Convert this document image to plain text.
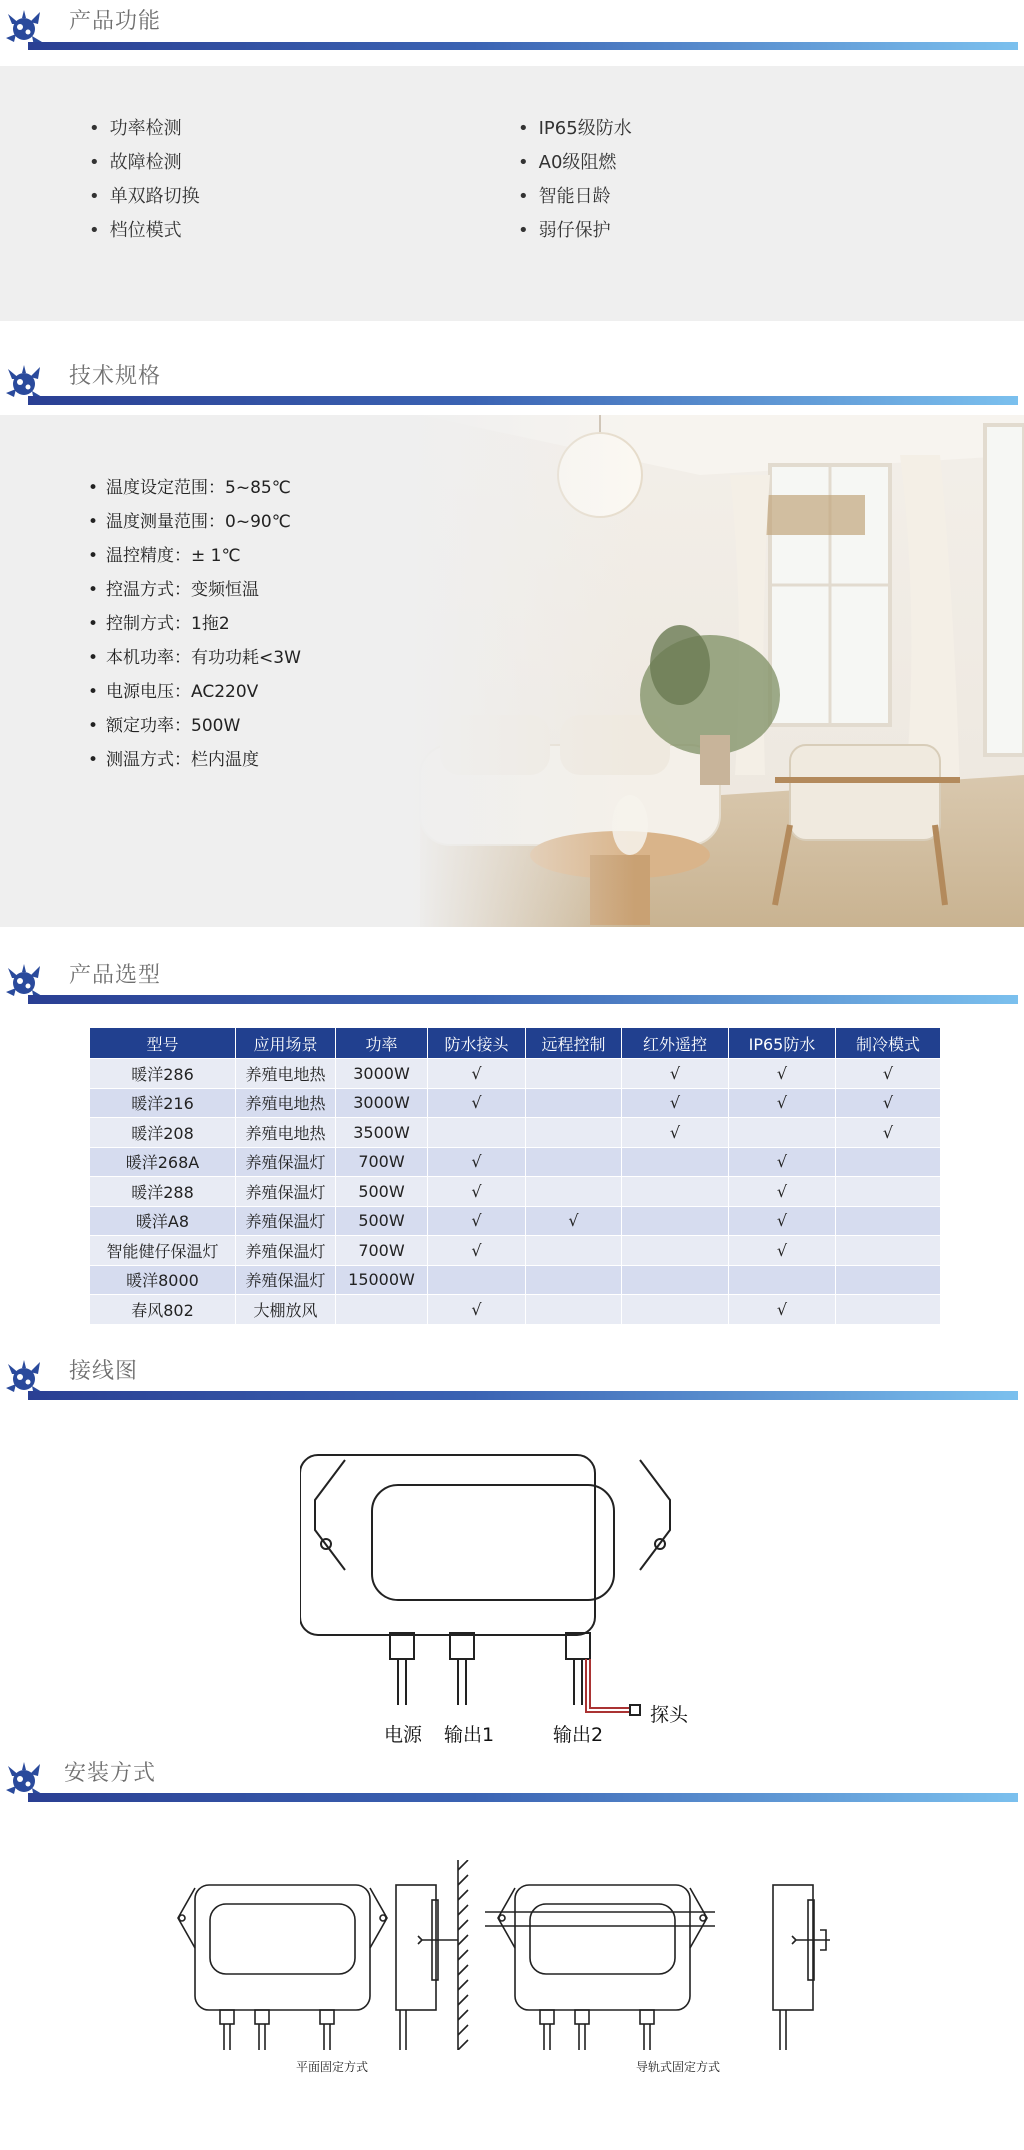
产品功能
• 功率检测
• 故障检测
• 单双路切换
• 档位模式
• IP65级防水
• A0级阻燃
• 智能日龄
• 弱仔保护
技术规格
• 温度设定范围：5~85℃
• 温度测量范围：0~90℃
• 温控精度：± 1℃
• 控温方式：变频恒温
• 控制方式：1拖2
• 本机功率：有功功耗<3W
• 电源电压：AC220V
• 额定功率：500W
• 测温方式：栏内温度
产品选型
型号	应用场景	功率	防水接头	远程控制	红外遥控	IP65防水	制冷模式
暖洋286	养殖电地热	3000W	√		√	√	√
暖洋216	养殖电地热	3000W	√		√	√	√
暖洋208	养殖电地热	3500W			√		√
暖洋268A	养殖保温灯	700W	√			√	
暖洋288	养殖保温灯	500W	√			√	
暖洋A8	养殖保温灯	500W	√	√		√	
智能健仔保温灯	养殖保温灯	700W	√			√	
暖洋8000	养殖保温灯	15000W					
春风802	大棚放风		√			√	
接线图
电源 输出1	输出2
探头
安装方式
平面固定方式	导轨式固定方式
